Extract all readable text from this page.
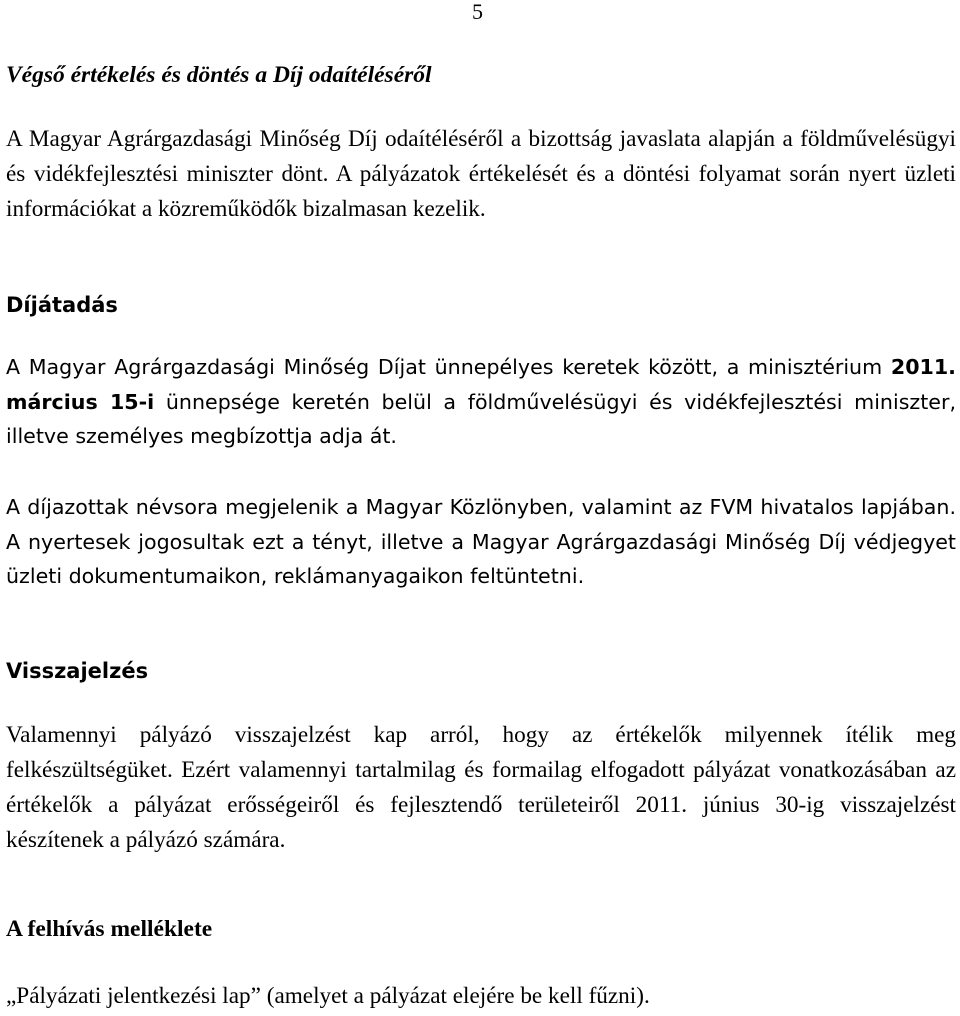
5
Végső értékelés és döntés a Díj odaítéléséről
A Magyar Agrárgazdasági Minőség Díj odaítéléséről a bizottság javaslata alapján a földművelésügyi és vidékfejlesztési miniszter dönt. A pályázatok értékelését és a döntési folyamat során nyert üzleti információkat a közreműködők bizalmasan kezelik.
Díjátadás
A Magyar Agrárgazdasági Minőség Díjat ünnepélyes keretek között, a minisztérium 2011. március 15-i ünnepsége keretén belül a földművelésügyi és vidékfejlesztési miniszter, illetve személyes megbízottja adja át.
A díjazottak névsora megjelenik a Magyar Közlönyben, valamint az FVM hivatalos lapjában. A nyertesek jogosultak ezt a tényt, illetve a Magyar Agrárgazdasági Minőség Díj védjegyet üzleti dokumentumaikon, reklámanyagaikon feltüntetni.
Visszajelzés
Valamennyi pályázó visszajelzést kap arról, hogy az értékelők milyennek ítélik meg felkészültségüket. Ezért valamennyi tartalmilag és formailag elfogadott pályázat vonatkozásában az értékelők a pályázat erősségeiről és fejlesztendő területeiről 2011. június 30-ig visszajelzést készítenek a pályázó számára.
A felhívás melléklete
„Pályázati jelentkezési lap” (amelyet a pályázat elejére be kell fűzni).
